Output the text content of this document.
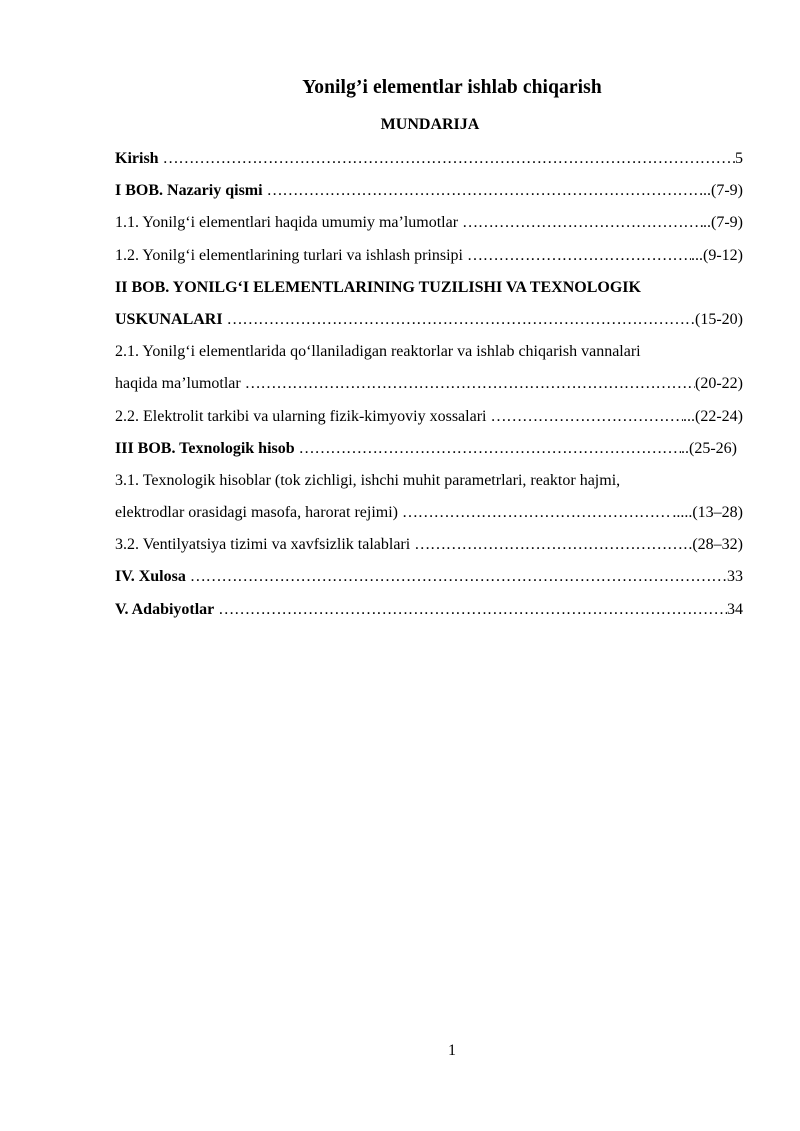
Yonilg’i elementlar ishlab chiqarish
MUNDARIJA
Kirish ……………………………………………………………………………………………………………………………………………………………………………………………………	5
I BOB. Nazariy qismi ……………………………………………………………………………………………………………………………………………………………………………………………………	..(7-9)
1.1. Yonilg‘i elementlari haqida umumiy ma’lumotlar ……………………………………………………………………………………………………………………………………………………………………………………………………	..(7-9)
1.2. Yonilg‘i elementlarining turlari va ishlash prinsipi ……………………………………………………………………………………………………………………………………………………………………………………………………	...(9-12)
II BOB. YONILG‘I ELEMENTLARINING TUZILISHI VA TEXNOLOGIK
USKUNALARI ……………………………………………………………………………………………………………………………………………………………………………………………………	(15-20)
2.1. Yonilg‘i elementlarida qo‘llaniladigan reaktorlar va ishlab chiqarish vannalari
haqida ma’lumotlar ……………………………………………………………………………………………………………………………………………………………………………………………………	(20-22)
2.2. Elektrolit tarkibi va ularning fizik-kimyoviy xossalari ……………………………………………………………………………………………………………………………………………………………………………………………………	...(22-24)
III BOB. Texnologik hisob ……………………………………………………………………………………………………………………………………………………………………………………………………	..(25-26)
3.1. Texnologik hisoblar (tok zichligi, ishchi muhit parametrlari, reaktor hajmi,
elektrodlar orasidagi masofa, harorat rejimi) ……………………………………………………………………………………………………………………………………………………………………………………………………	.....(13–28)
3.2. Ventilyatsiya tizimi va xavfsizlik talablari ……………………………………………………………………………………………………………………………………………………………………………………………………	.(28–32)
IV. Xulosa ……………………………………………………………………………………………………………………………………………………………………………………………………	33
V. Adabiyotlar ……………………………………………………………………………………………………………………………………………………………………………………………………	34
1
